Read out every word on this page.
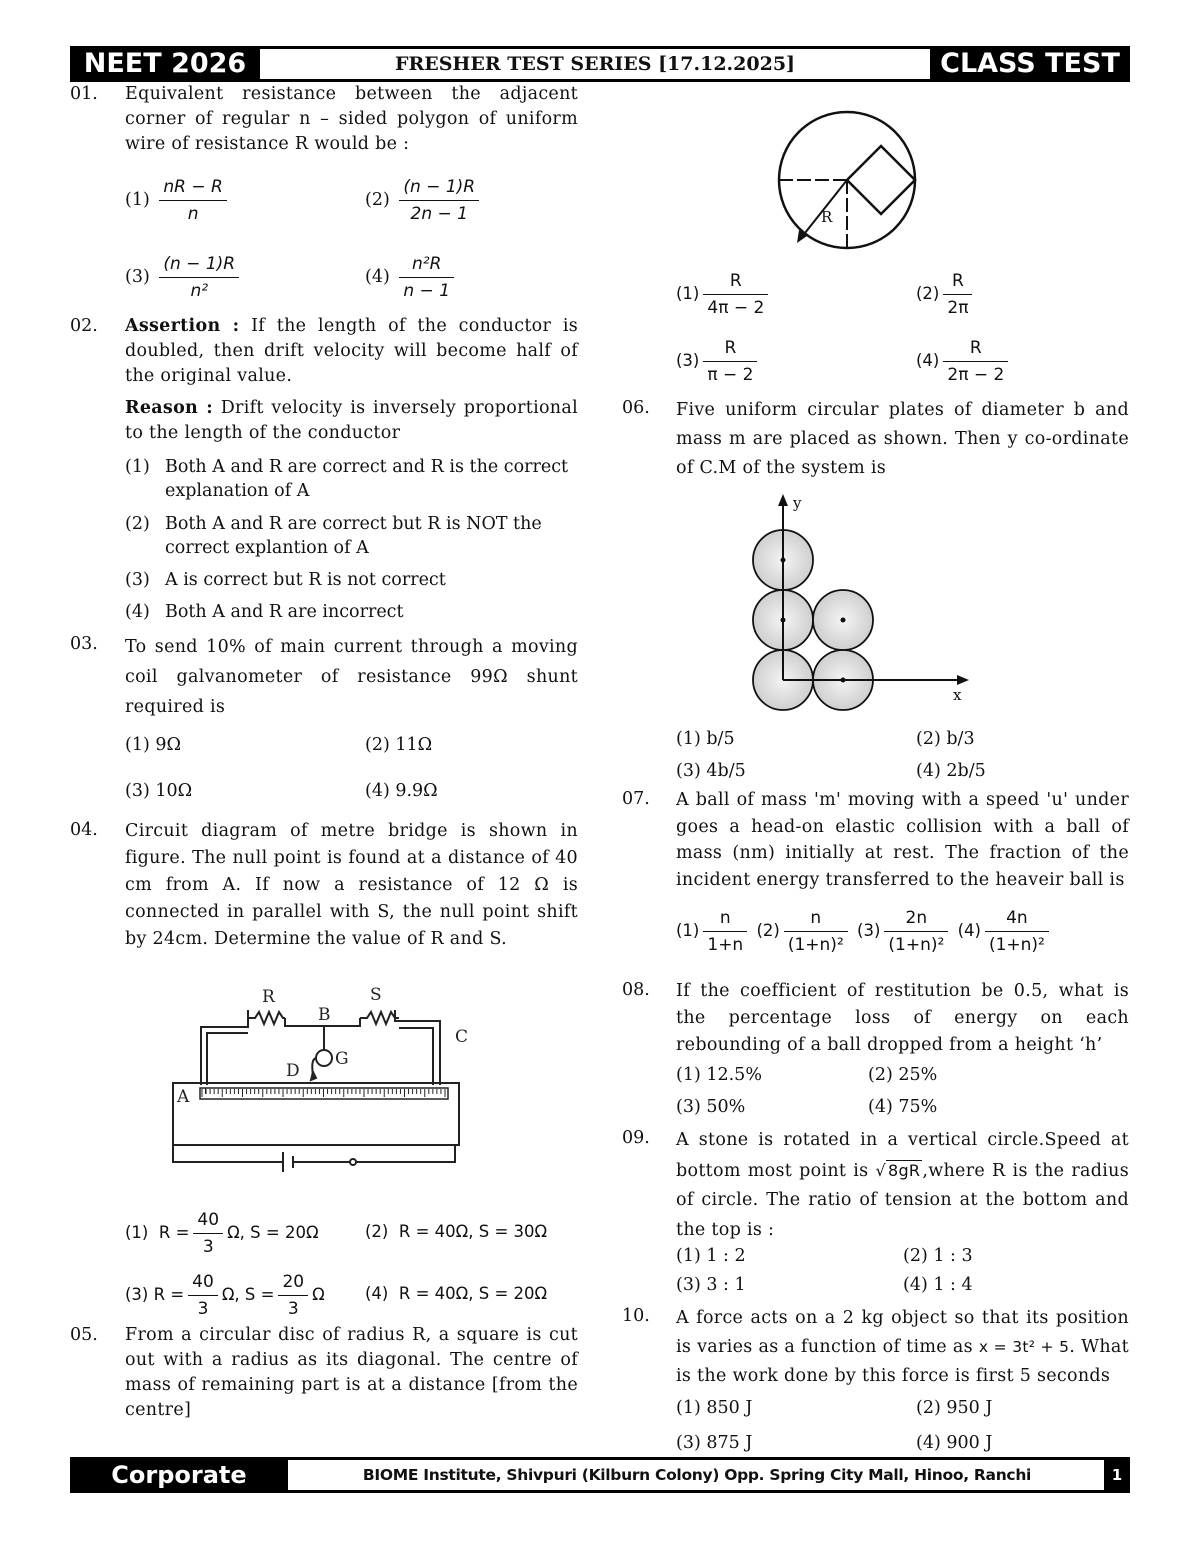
NEET 2026	FRESHER TEST SERIES [17.12.2025]	CLASS TEST
01. Equivalent resistance between the adjacent corner of regular n – sided polygon of uniform wire of resistance R would be :
$(1) \frac{nR - R}{n}$	$(2) \frac{(n - 1)R}{2n - 1}$
$(3) \frac{(n - 1)R}{\text{n²}}$	$(4) \frac{\text{n²R}}{n - 1}$
02. Assertion : If the length of the conductor is doubled, then drift velocity will become half of the original value.
Reason : Drift velocity is inversely proportional to the length of the conductor
(1) Both A and R are correct and R is the correct explanation of A
(2) Both A and R are correct but R is NOT the correct explantion of A
(3) A is correct but R is not correct
(4) Both A and R are incorrect
03. To send 10% of main current through a moving coil galvanometer of resistance 99Ω shunt required is
(1) 9Ω	(2) 11Ω
(3) 10Ω	(4) 9.9Ω
04. Circuit diagram of metre bridge is shown in figure. The null point is found at a distance of 40 cm from A. If now a resistance of 12 Ω is connected in parallel with S, the null point shift by 24cm. Determine the value of R and S.
R	S
B
C
D
G
A
(1) $R = \frac{40}{3} \Omega$, S = 20Ω	(2) R = 40Ω, S = 30Ω
(3) $R = \frac{40}{3} \Omega$, $S = \frac{20}{3}$ Ω (4) R = 40Ω, S = 20Ω
05. From a circular disc of radius R, a square is cut out with a radius as its diagonal. The centre of mass of remaining part is at a distance [from the centre]
R
$(1) \frac{R}{4\pi - 2}$	$(2) \frac{R}{2\pi}$
$(3) \frac{R}{\pi - 2}$	$(4) \frac{R}{2\pi - 2}$
06. Five uniform circular plates of diameter b and mass m are placed as shown. Then y co-ordinate of C.M of the system is
y
x
(1) b/5	(2) b/3
(3) 4b/5	(4) 2b/5
07. A ball of mass 'm' moving with a speed 'u' under goes a head-on elastic collision with a ball of mass (nm) initially at rest. The fraction of the incident energy transferred to the heaveir ball is
$(1) \frac{n}{1+n} (2) \frac{n}{\text{(1+n)²}} (3) \frac{2n}{\text{(1+n)²}} (4) \frac{4n}{\text{(1+n)²}}$
08. If the coefficient of restitution be 0.5, what is the percentage loss of energy on each rebounding of a ball dropped from a height ‘h’
(1) 12.5%	(2) 25%
(3) 50%	(4) 75%
09. A stone is rotated in a vertical circle.Speed at bottom most point is √ 8gR ,where R is the radius of circle. The ratio of tension at the bottom and the top is :
(1) 1 : 2	(2) 1 : 3
(3) 3 : 1	(4) 1 : 4
10. A force acts on a 2 kg object so that its position is varies as a function of time as x = 3t² + 5. What is the work done by this force is first 5 seconds
(1) 850 J	(2) 950 J
(3) 875 J	(4) 900 J
Corporate Office
BIOME Institute, Shivpuri (Kilburn Colony) Opp. Spring City Mall, Hinoo, Ranchi	1
